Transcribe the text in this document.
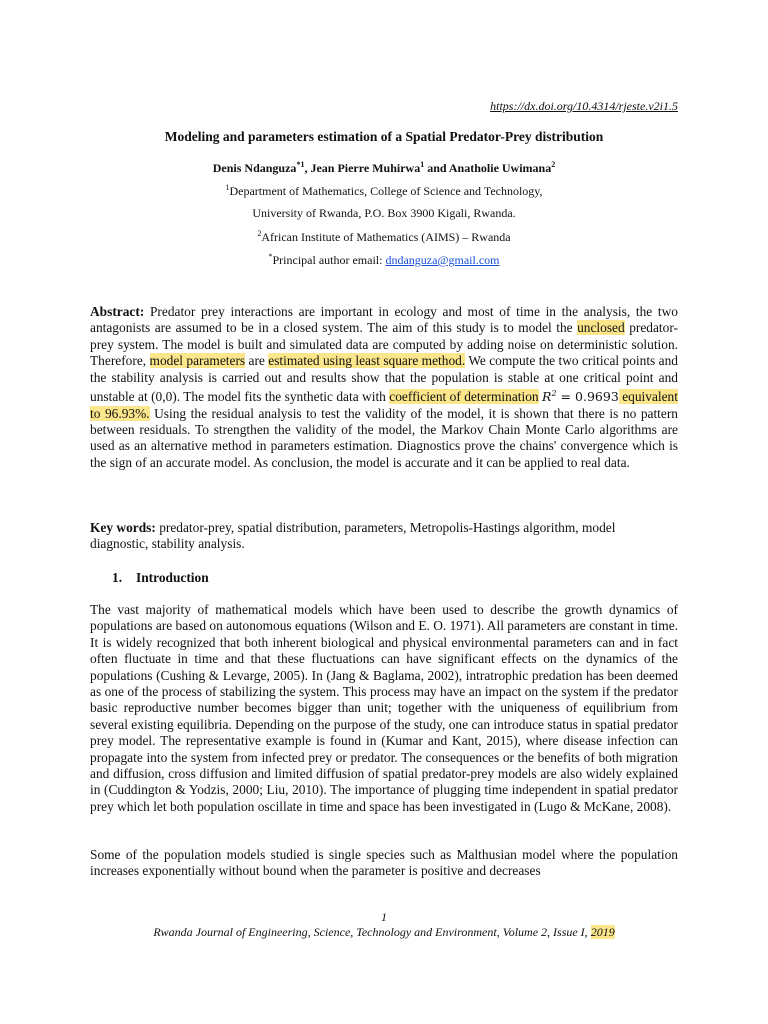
https://dx.doi.org/10.4314/rjeste.v2i1.5
Modeling and parameters estimation of a Spatial Predator-Prey distribution
Denis Ndanguza$^{*1}$, Jean Pierre Muhirwa$^1$ and Anatholie Uwimana$^2$
$^1$Department of Mathematics, College of Science and Technology,
University of Rwanda, P.O. Box 3900 Kigali, Rwanda.
$^2$African Institute of Mathematics (AIMS) – Rwanda
*Principal author email: dndanguza@gmail.com
Abstract: Predator prey interactions are important in ecology and most of time in the analysis, the two antagonists are assumed to be in a closed system. The aim of this study is to model the unclosed predator-prey system. The model is built and simulated data are computed by adding noise on deterministic solution. Therefore, model parameters are estimated using least square method. We compute the two critical points and the stability analysis is carried out and results show that the population is stable at one critical point and unstable at (0,0). The model fits the synthetic data with coefficient of determination $R^2 = 0.9693$ equivalent to 96.93%. Using the residual analysis to test the validity of the model, it is shown that there is no pattern between residuals. To strengthen the validity of the model, the Markov Chain Monte Carlo algorithms are used as an alternative method in parameters estimation. Diagnostics prove the chains' convergence which is the sign of an accurate model. As conclusion, the model is accurate and it can be applied to real data.
Key words: predator-prey, spatial distribution, parameters, Metropolis-Hastings algorithm, model diagnostic, stability analysis.
1. Introduction
The vast majority of mathematical models which have been used to describe the growth dynamics of populations are based on autonomous equations (Wilson and E. O. 1971). All parameters are constant in time. It is widely recognized that both inherent biological and physical environmental parameters can and in fact often fluctuate in time and that these fluctuations can have significant effects on the dynamics of the populations (Cushing & Levarge, 2005). In (Jang & Baglama, 2002), intratrophic predation has been deemed as one of the process of stabilizing the system. This process may have an impact on the system if the predator basic reproductive number becomes bigger than unit; together with the uniqueness of equilibrium from several existing equilibria. Depending on the purpose of the study, one can introduce status in spatial predator prey model. The representative example is found in (Kumar and Kant, 2015), where disease infection can propagate into the system from infected prey or predator. The consequences or the benefits of both migration and diffusion, cross diffusion and limited diffusion of spatial predator-prey models are also widely explained in (Cuddington & Yodzis, 2000; Liu, 2010). The importance of plugging time independent in spatial predator prey which let both population oscillate in time and space has been investigated in (Lugo & McKane, 2008).
Some of the population models studied is single species such as Malthusian model where the population increases exponentially without bound when the parameter is positive and decreases
1
Rwanda Journal of Engineering, Science, Technology and Environment, Volume 2, Issue I, 2019
